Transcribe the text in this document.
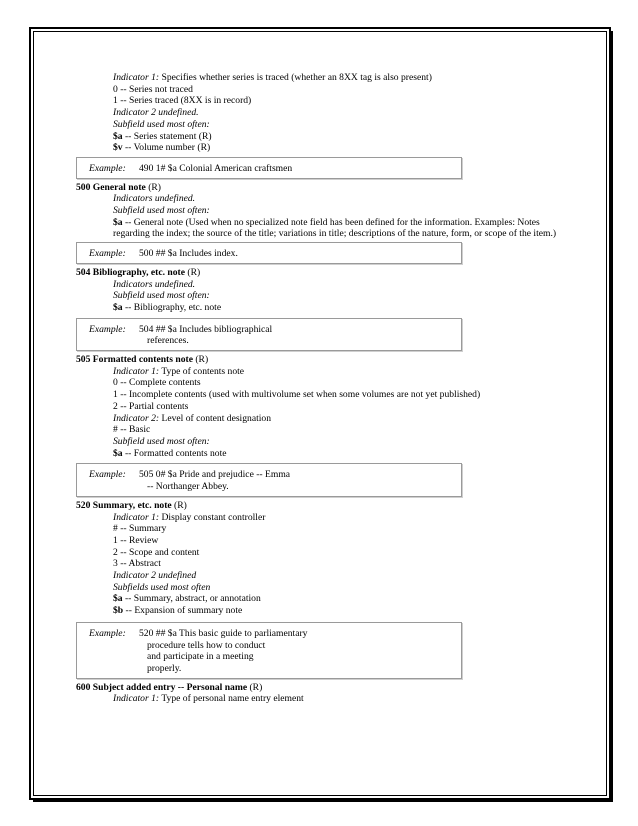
Indicator 1: Specifies whether series is traced (whether an 8XX tag is also present)
0 -- Series not traced
1 -- Series traced (8XX is in record)
Indicator 2 undefined.
Subfield used most often:
$a -- Series statement (R)
$v -- Volume number (R)
Example: 490 1# $a Colonial American craftsmen
500 General note (R)
Indicators undefined.
Subfield used most often:
$a -- General note (Used when no specialized note field has been defined for the information. Examples: Notes regarding the index; the source of the title; variations in title; descriptions of the nature, form, or scope of the item.)
Example: 500 ## $a Includes index.
504 Bibliography, etc. note (R)
Indicators undefined.
Subfield used most often:
$a -- Bibliography, etc. note
Example: 504 ## $a Includes bibliographical
references.
505 Formatted contents note (R)
Indicator 1: Type of contents note
0 -- Complete contents
1 -- Incomplete contents (used with multivolume set when some volumes are not yet published)
2 -- Partial contents
Indicator 2: Level of content designation
# -- Basic
Subfield used most often:
$a -- Formatted contents note
Example: 505 0# $a Pride and prejudice -- Emma
-- Northanger Abbey.
520 Summary, etc. note (R)
Indicator 1: Display constant controller
# -- Summary
1 -- Review
2 -- Scope and content
3 -- Abstract
Indicator 2 undefined
Subfields used most often
$a -- Summary, abstract, or annotation
$b -- Expansion of summary note
Example: 520 ## $a This basic guide to parliamentary
procedure tells how to conduct
and participate in a meeting
properly.
600 Subject added entry -- Personal name (R)
Indicator 1: Type of personal name entry element
